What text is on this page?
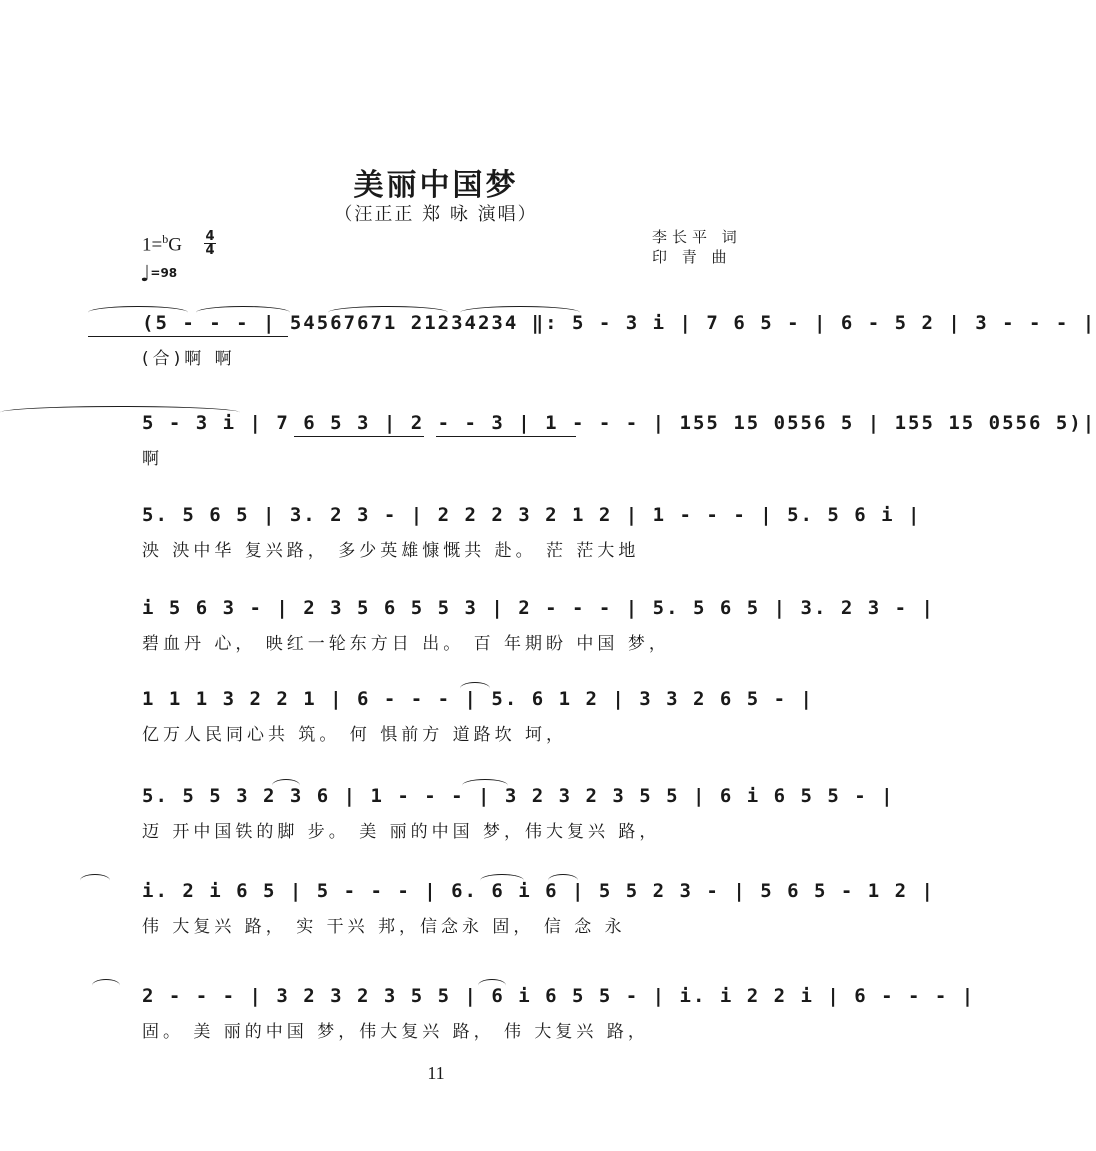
美丽中国梦
（汪正正 郑 咏 演唱）
1=$^b$G 4
4
♩=98
李长平 词
印 青 曲
(5 - - - | 54567671 21234234 ‖: 5 - 3 i | 7 6 5 - | 6 - 5 2 | 3 - - - |
(合)啊 啊
5 - 3 i | 7 6 5 3 | 2 - - 3 | 1 - - - | 155 15 0556 5 | 155 15 0556 5)|
啊
5. 5 6 5 | 3. 2 3 - | 2 2 2 3 2 1 2 | 1 - - - | 5. 5 6 i |
泱 泱中华 复兴路， 多少英雄慷慨共 赴。 茫 茫大地
i 5 6 3 - | 2 3 5 6 5 5 3 | 2 - - - | 5. 5 6 5 | 3. 2 3 - |
碧血丹 心， 映红一轮东方日 出。 百 年期盼 中国 梦，
1 1 1 3 2 2 1 | 6 - - - | 5. 6 1 2 | 3 3 2 6 5 - |
亿万人民同心共 筑。 何 惧前方 道路坎 坷，
5. 5 5 3 2 3 6 | 1 - - - | 3 2 3 2 3 5 5 | 6 i 6 5 5 - |
迈 开中国铁的脚 步。 美 丽的中国 梦，伟大复兴 路，
i. 2 i 6 5 | 5 - - - | 6. 6 i 6 | 5 5 2 3 - | 5 6 5 - 1 2 |
伟 大复兴 路， 实 干兴 邦，信念永 固， 信 念 永
2 - - - | 3 2 3 2 3 5 5 | 6 i 6 5 5 - | i. i 2 2 i | 6 - - - |
固。 美 丽的中国 梦，伟大复兴 路， 伟 大复兴 路，
11
